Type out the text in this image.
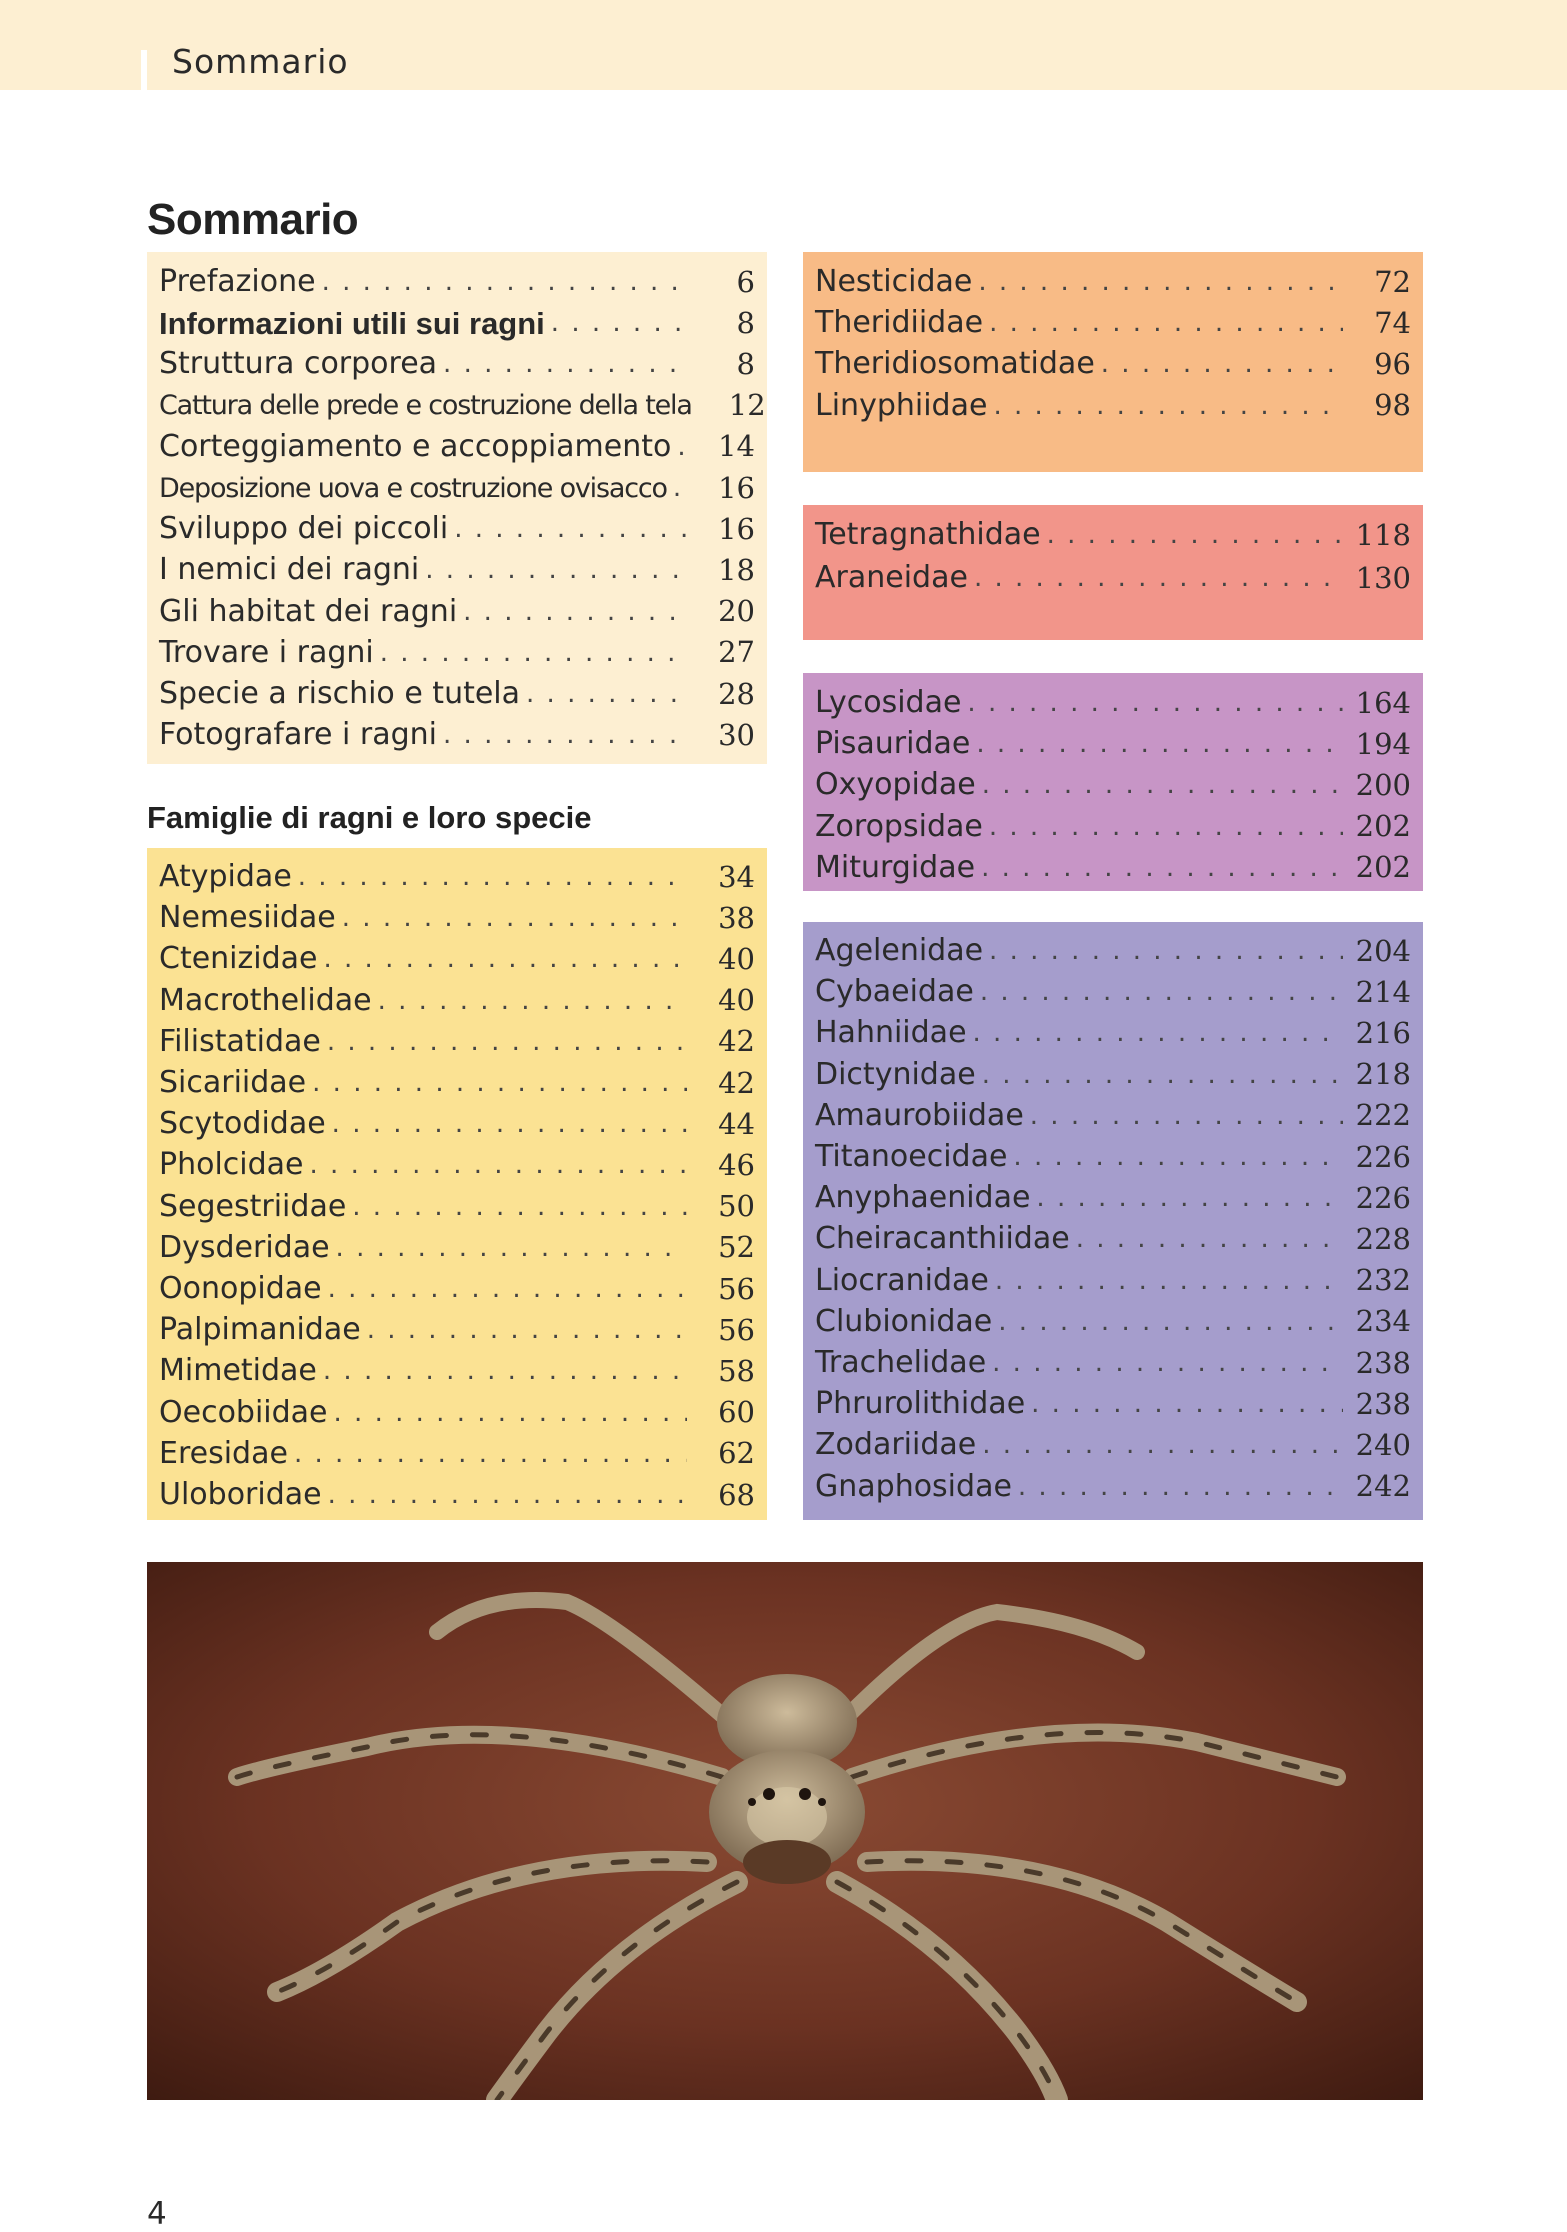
Sommario
Sommario
Prefazione . . .	6
Informazioni utili sui ragni . . .	8
Struttura corporea . . .	8
Cattura delle prede e costruzione della tela	12
Corteggiamento e accoppiamento . . .	14
Deposizione uova e costruzione ovisacco . . .	16
Sviluppo dei piccoli . . .	16
I nemici dei ragni . . .	18
Gli habitat dei ragni . . .	20
Trovare i ragni . . .	27
Specie a rischio e tutela . . .	28
Fotografare i ragni . . .	30
Famiglie di ragni e loro specie
Atypidae . . .	34
Nemesiidae . . .	38
Ctenizidae . . .	40
Macrothelidae . . .	40
Filistatidae . . .	42
Sicariidae . . .	42
Scytodidae . . .	44
Pholcidae . . .	46
Segestriidae . . .	50
Dysderidae . . .	52
Oonopidae . . .	56
Palpimanidae . . .	56
Mimetidae . . .	58
Oecobiidae . . .	60
Eresidae . . .	62
Uloboridae . . .	68
Nesticidae . . .	72
Theridiidae . . .	74
Theridiosomatidae . . .	96
Linyphiidae . . .	98
Tetragnathidae . . .	118
Araneidae . . .	130
Lycosidae . . .	164
Pisauridae . . .	194
Oxyopidae . . .	200
Zoropsidae . . .	202
Miturgidae . . .	202
Agelenidae . . .	204
Cybaeidae . . .	214
Hahniidae . . .	216
Dictynidae . . .	218
Amaurobiidae . . .	222
Titanoecidae . . .	226
Anyphaenidae . . .	226
Cheiracanthiidae . . .	228
Liocranidae . . .	232
Clubionidae . . .	234
Trachelidae . . .	238
Phrurolithidae . . .	238
Zodariidae . . .	240
Gnaphosidae . . .	242
4
